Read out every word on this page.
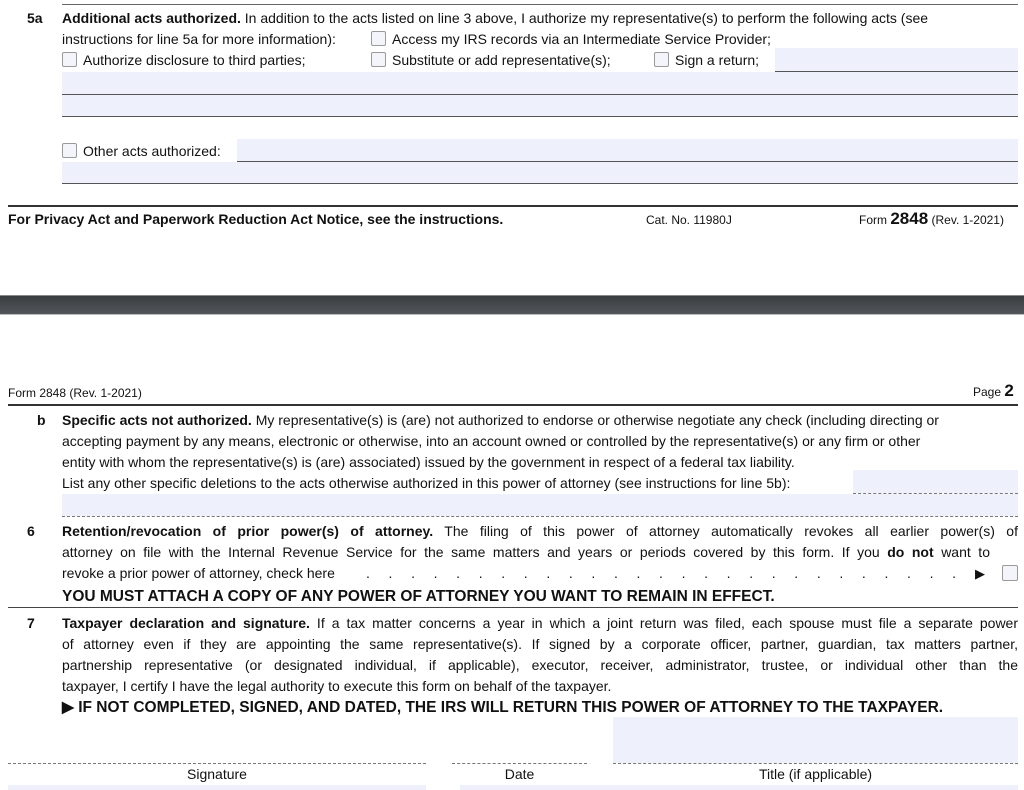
5a Additional acts authorized. In addition to the acts listed on line 3 above, I authorize my representative(s) to perform the following acts (see
instructions for line 5a for more information):	Access my IRS records via an Intermediate Service Provider;
Authorize disclosure to third parties;	Substitute or add representative(s);	Sign a return;
Other acts authorized:
For Privacy Act and Paperwork Reduction Act Notice, see the instructions.	Cat. No. 11980J	Form 2848 (Rev. 1-2021)
Form 2848 (Rev. 1-2021)	Page 2
b Specific acts not authorized. My representative(s) is (are) not authorized to endorse or otherwise negotiate any check (including directing or
accepting payment by any means, electronic or otherwise, into an account owned or controlled by the representative(s) or any firm or other
entity with whom the representative(s) is (are) associated) issued by the government in respect of a federal tax liability.
List any other specific deletions to the acts otherwise authorized in this power of attorney (see instructions for line 5b):
6 Retention/revocation of prior power(s) of attorney. The filing of this power of attorney automatically revokes all earlier power(s) of
attorney on file with the Internal Revenue Service for the same matters and years or periods covered by this form. If you do not want to
revoke a prior power of attorney, check here . . . . . . . . . . . . . . . . . . . . . . . . . . . ▶
YOU MUST ATTACH A COPY OF ANY POWER OF ATTORNEY YOU WANT TO REMAIN IN EFFECT.
7 Taxpayer declaration and signature. If a tax matter concerns a year in which a joint return was filed, each spouse must file a separate power
of attorney even if they are appointing the same representative(s). If signed by a corporate officer, partner, guardian, tax matters partner,
partnership representative (or designated individual, if applicable), executor, receiver, administrator, trustee, or individual other than the
taxpayer, I certify I have the legal authority to execute this form on behalf of the taxpayer.
▶ IF NOT COMPLETED, SIGNED, AND DATED, THE IRS WILL RETURN THIS POWER OF ATTORNEY TO THE TAXPAYER.
Signature	Date	Title (if applicable)
